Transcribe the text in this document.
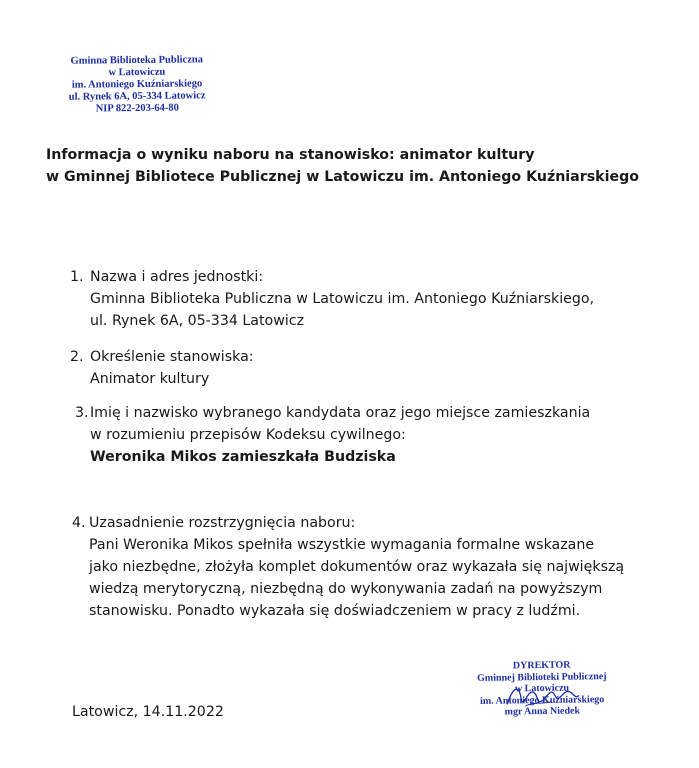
Gminna Biblioteka Publiczna
w Latowiczu
im. Antoniego Kuźniarskiego
ul. Rynek 6A, 05-334 Latowicz
NIP 822-203-64-80
Informacja o wyniku naboru na stanowisko: animator kultury
w Gminnej Bibliotece Publicznej w Latowiczu im. Antoniego Kuźniarskiego
1. Nazwa i adres jednostki:
Gminna Biblioteka Publiczna w Latowiczu im. Antoniego Kuźniarskiego,
ul. Rynek 6A, 05-334 Latowicz
2. Określenie stanowiska:
Animator kultury
3. Imię i nazwisko wybranego kandydata oraz jego miejsce zamieszkania
w rozumieniu przepisów Kodeksu cywilnego:
Weronika Mikos zamieszkała Budziska
4. Uzasadnienie rozstrzygnięcia naboru:
Pani Weronika Mikos spełniła wszystkie wymagania formalne wskazane
jako niezbędne, złożyła komplet dokumentów oraz wykazała się największą
wiedzą merytoryczną, niezbędną do wykonywania zadań na powyższym
stanowisku. Ponadto wykazała się doświadczeniem w pracy z ludźmi.
Latowicz, 14.11.2022
DYREKTOR
Gminnej Biblioteki Publicznej
w Latowiczu
im. Antoniego Kuźniarskiego
mgr Anna Niedek
